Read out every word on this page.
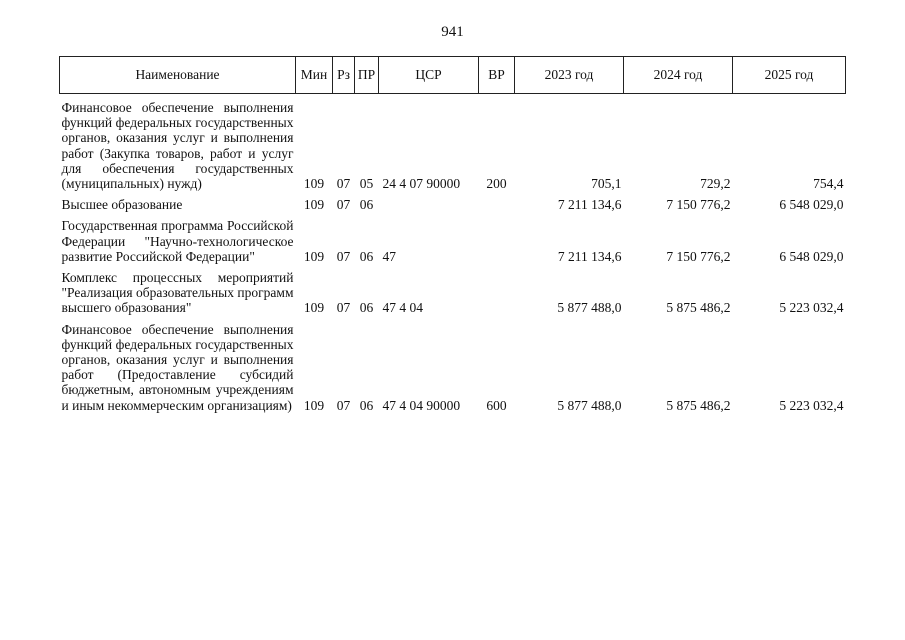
941
Наименование	Мин	Рз	ПР	ЦСР	ВР	2023 год	2024 год	2025 год

Финансовое обеспечение выполнения функций федеральных государственных органов, оказания услуг и выполнения работ (Закупка товаров, работ и услуг для обеспечения государственных (муниципальных) нужд)	109	07	05	24 4 07 90000	200	705,1	729,2	754,4

Высшее образование	109	07	06			7 211 134,6	7 150 776,2	6 548 029,0

Государственная программа Российской Федерации "Научно-технологическое развитие Российской Федерации"	109	07	06	47		7 211 134,6	7 150 776,2	6 548 029,0

Комплекс процессных мероприятий "Реализация образовательных программ высшего образования"	109	07	06	47 4 04		5 877 488,0	5 875 486,2	5 223 032,4

Финансовое обеспечение выполнения функций федеральных государственных органов, оказания услуг и выполнения работ (Предоставление субсидий бюджетным, автономным учреждениям и иным некоммерческим организациям)	109	07	06	47 4 04 90000	600	5 877 488,0	5 875 486,2	5 223 032,4
